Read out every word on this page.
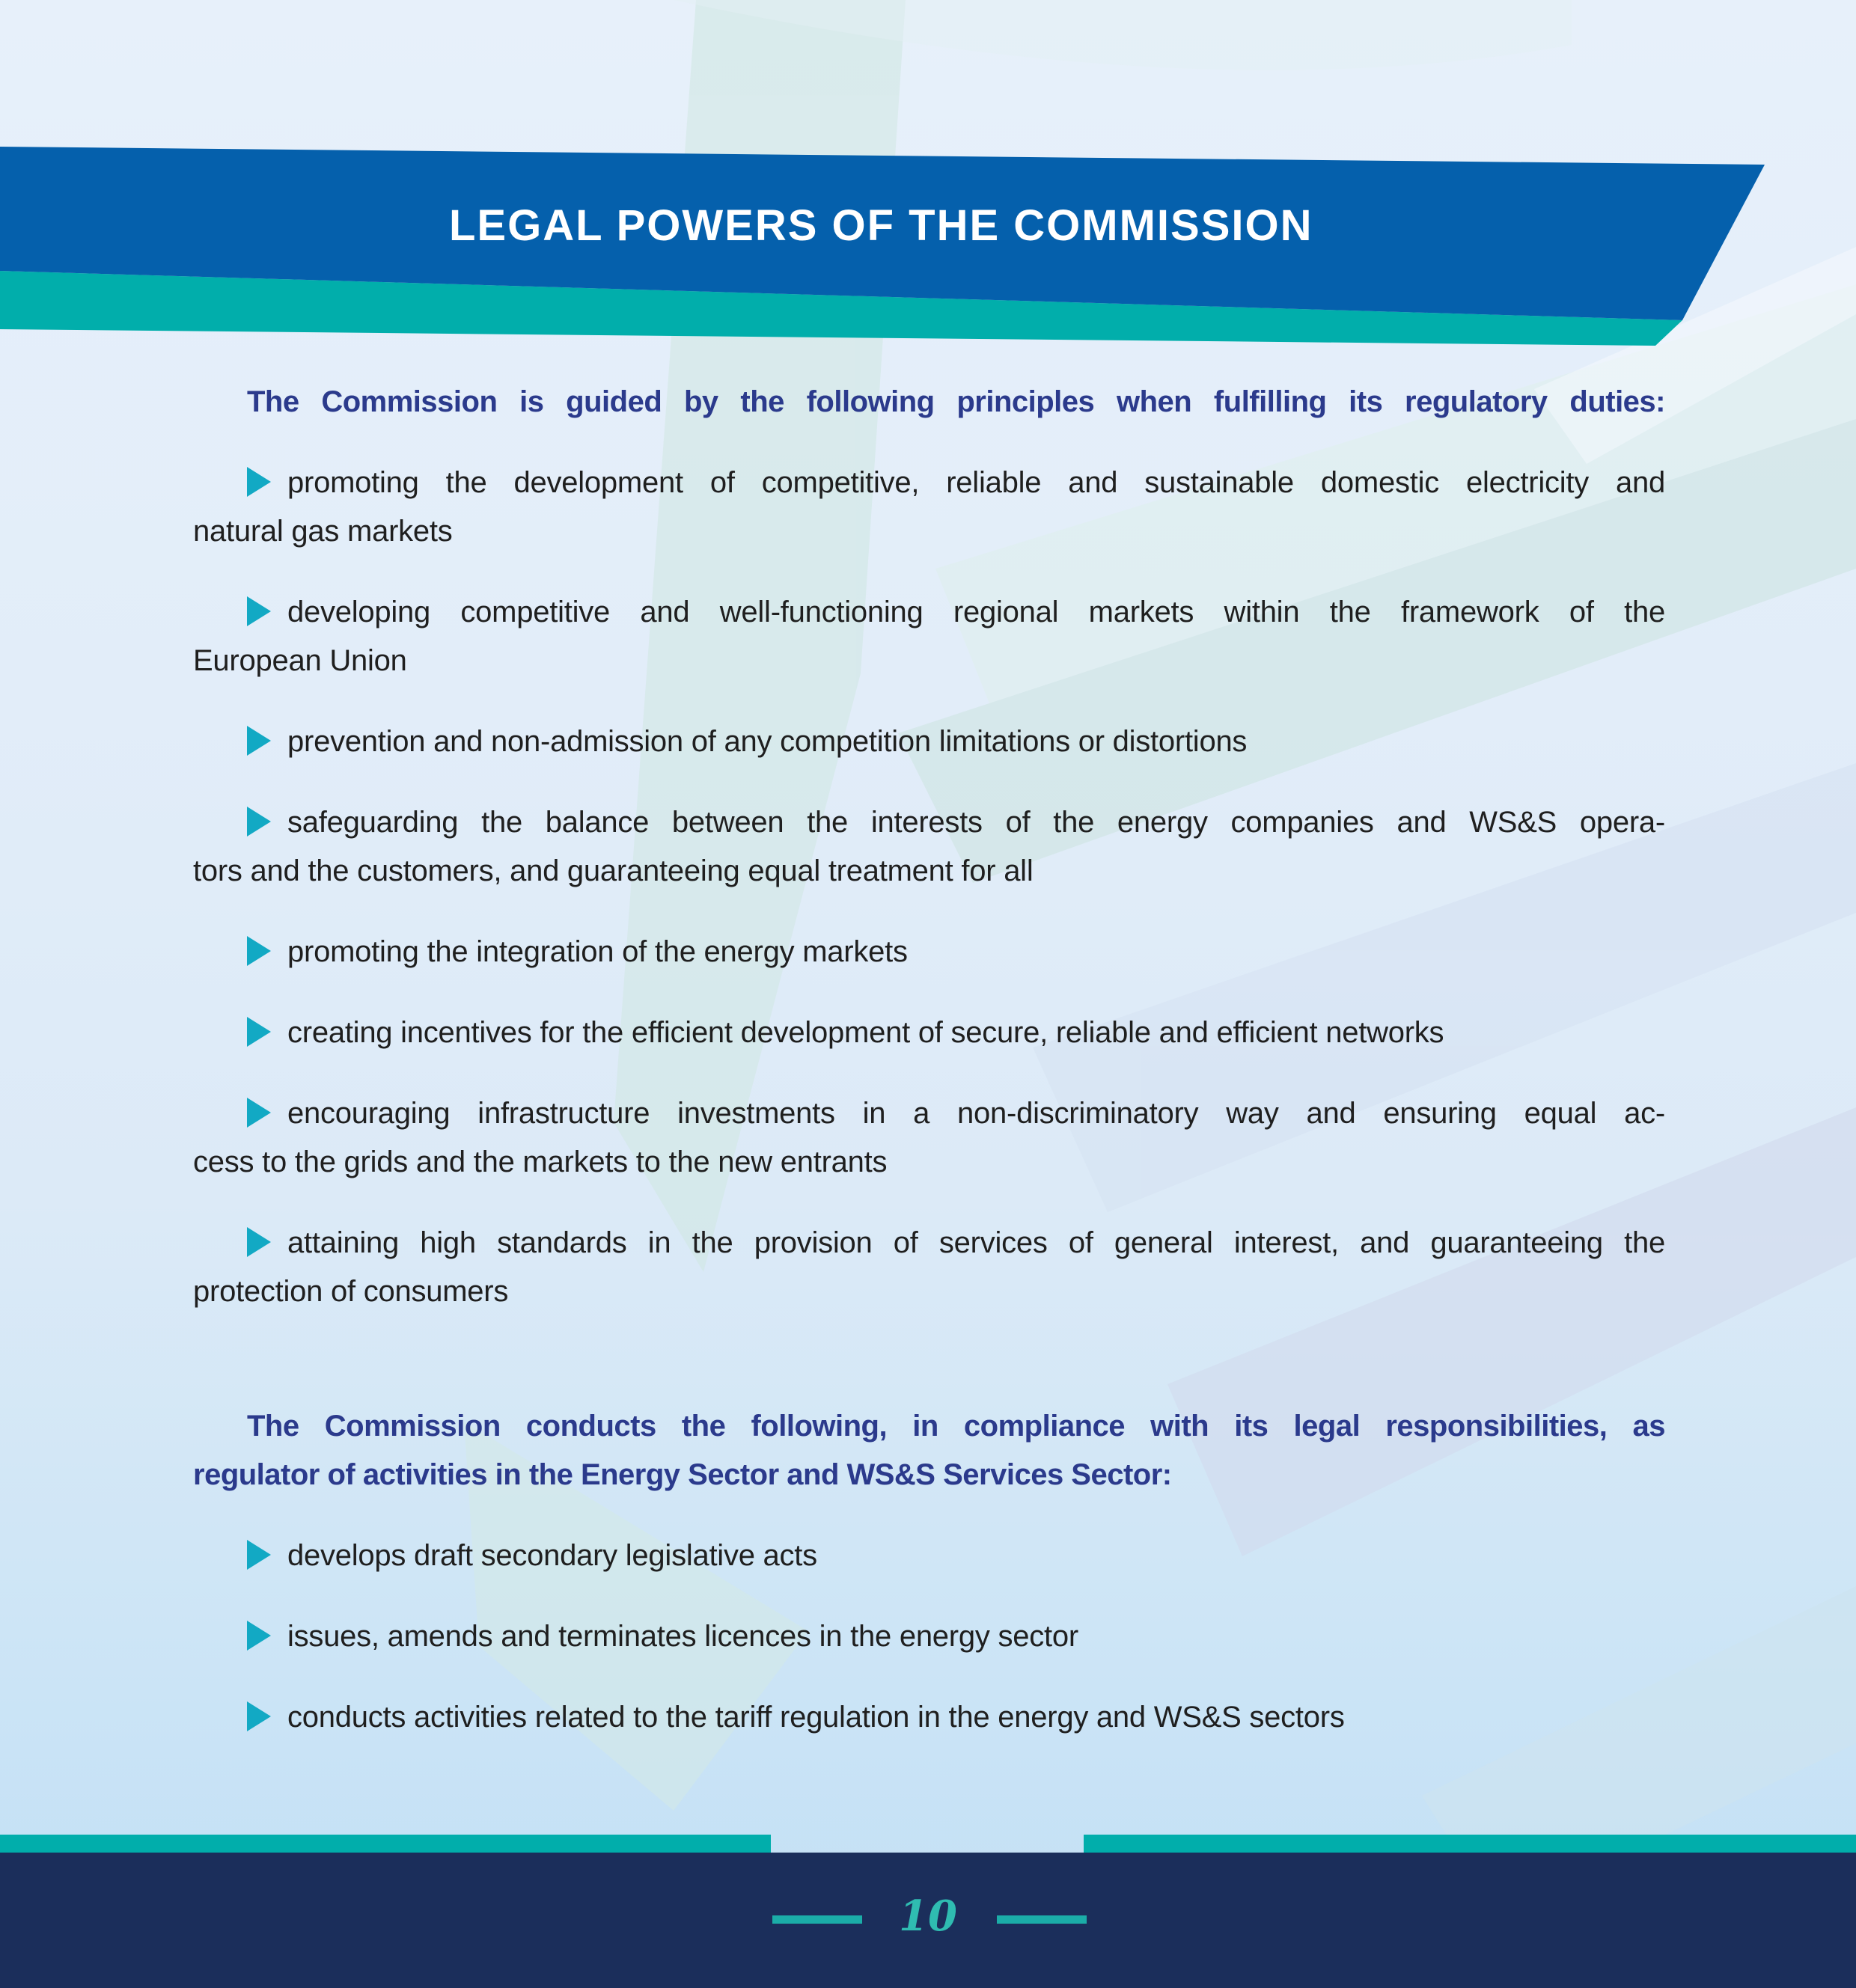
LEGAL POWERS OF THE COMMISSION
The Commission is guided by the following principles when fulfilling its regulatory duties:
promoting the development of competitive, reliable and sustainable domestic electricity and
natural gas markets
developing competitive and well-functioning regional markets within the framework of the
European Union
prevention and non-admission of any competition limitations or distortions
safeguarding the balance between the interests of the energy companies and WS&S opera-
tors and the customers, and guaranteeing equal treatment for all
promoting the integration of the energy markets
creating incentives for the efficient development of secure, reliable and efficient networks
encouraging infrastructure investments in a non-discriminatory way and ensuring equal ac-
cess to the grids and the markets to the new entrants
attaining high standards in the provision of services of general interest, and guaranteeing the
protection of consumers
The Commission conducts the following, in compliance with its legal responsibilities, as
regulator of activities in the Energy Sector and WS&S Services Sector:
develops draft secondary legislative acts
issues, amends and terminates licences in the energy sector
conducts activities related to the tariff regulation in the energy and WS&S sectors
10
